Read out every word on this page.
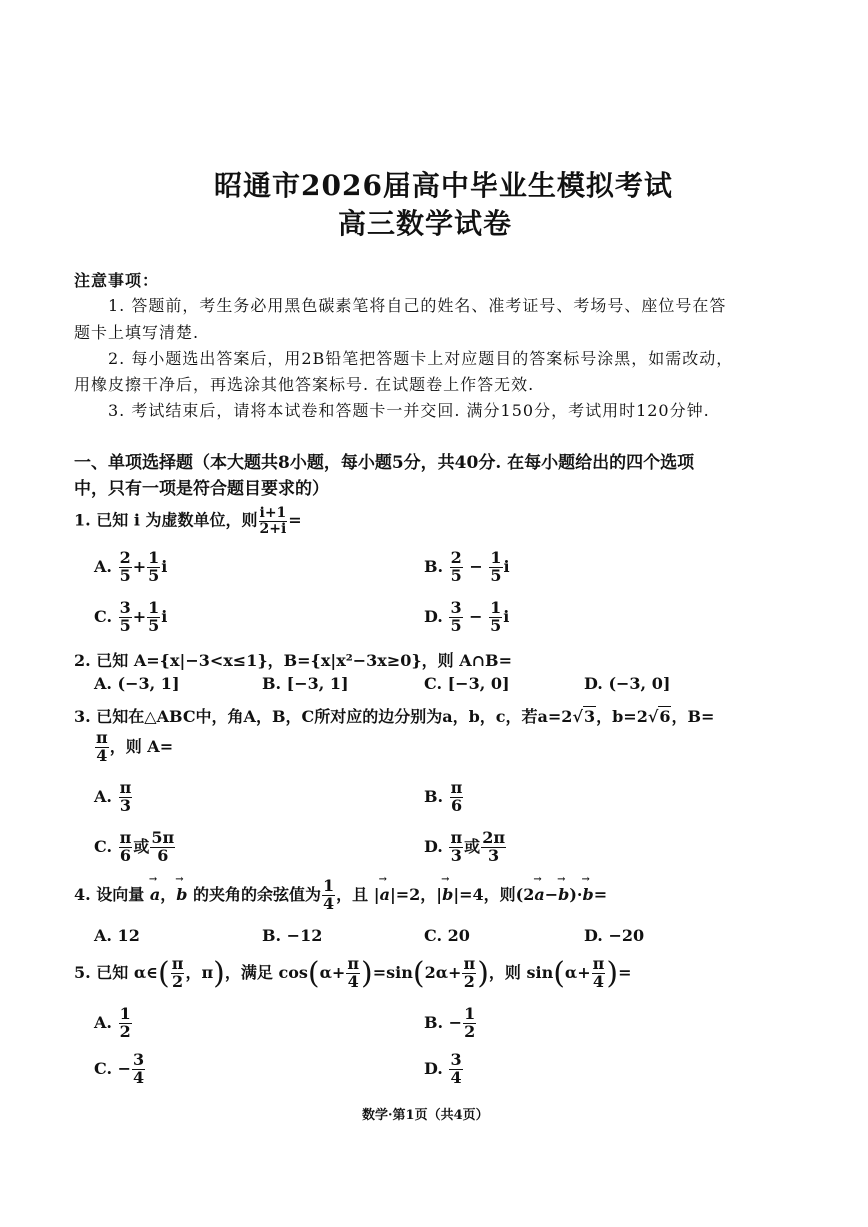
昭通市2026届高中毕业生模拟考试
高三数学试卷
注意事项：
1. 答题前，考生务必用黑色碳素笔将自己的姓名、准考证号、考场号、座位号在答
题卡上填写清楚.
2. 每小题选出答案后，用2B铅笔把答题卡上对应题目的答案标号涂黑，如需改动，
用橡皮擦干净后，再选涂其他答案标号. 在试题卷上作答无效.
3. 考试结束后，请将本试卷和答题卡一并交回. 满分150分，考试用时120分钟.
一、单项选择题（本大题共8小题，每小题5分，共40分. 在每小题给出的四个选项
中，只有一项是符合题目要求的）
1. 已知 i 为虚数单位，则 $\frac{i+1}{2+i}$ =
A. $\frac{2}{5} + \frac{1}{5}$ i	B. $\frac{2}{5} - \frac{1}{5}$ i
C. $\frac{3}{5} + \frac{1}{5}$ i	D. $\frac{3}{5} - \frac{1}{5}$ i
2. 已知 A={x|−3<x≤1}，B={x|x²−3x≥0}，则 A∩B=
A. (−3, 1]	B. [−3, 1]	C. [−3, 0]	D. (−3, 0]
3. 已知在△ABC中，角A，B，C所对应的边分别为a，b，c，若a=2√3，b=2√6，B=
$\frac{\pi}{4}$ ，则 A=
A. $\frac{\pi}{3}$	B. $\frac{\pi}{6}$
C. $\frac{\pi}{6}$ 或 $\frac{5\pi}{6}$	D. $\frac{\pi}{3}$ 或 $\frac{2\pi}{3}$
4. 设向量 → a，→ b 的夹角的余弦值为 $\frac{1}{4}$ ，且 |→ a|=2，|→ b|=4，则(2→ a−→ b)·→ b=
A. 12	B. −12	C. 20	D. −20
5. 已知 α∈( $\frac{\pi}{2}$ ，π)，满足 $\cos(\alpha+ \frac{\pi}{4} )=\sin(2\alpha+ \frac{\pi}{2}$ )，则 $\sin(\alpha+ \frac{\pi}{4}$ )=
A. $\frac{1}{2}$	B. − $\frac{1}{2}$
C. − $\frac{3}{4}$	D. $\frac{3}{4}$
数学·第1页（共4页）
